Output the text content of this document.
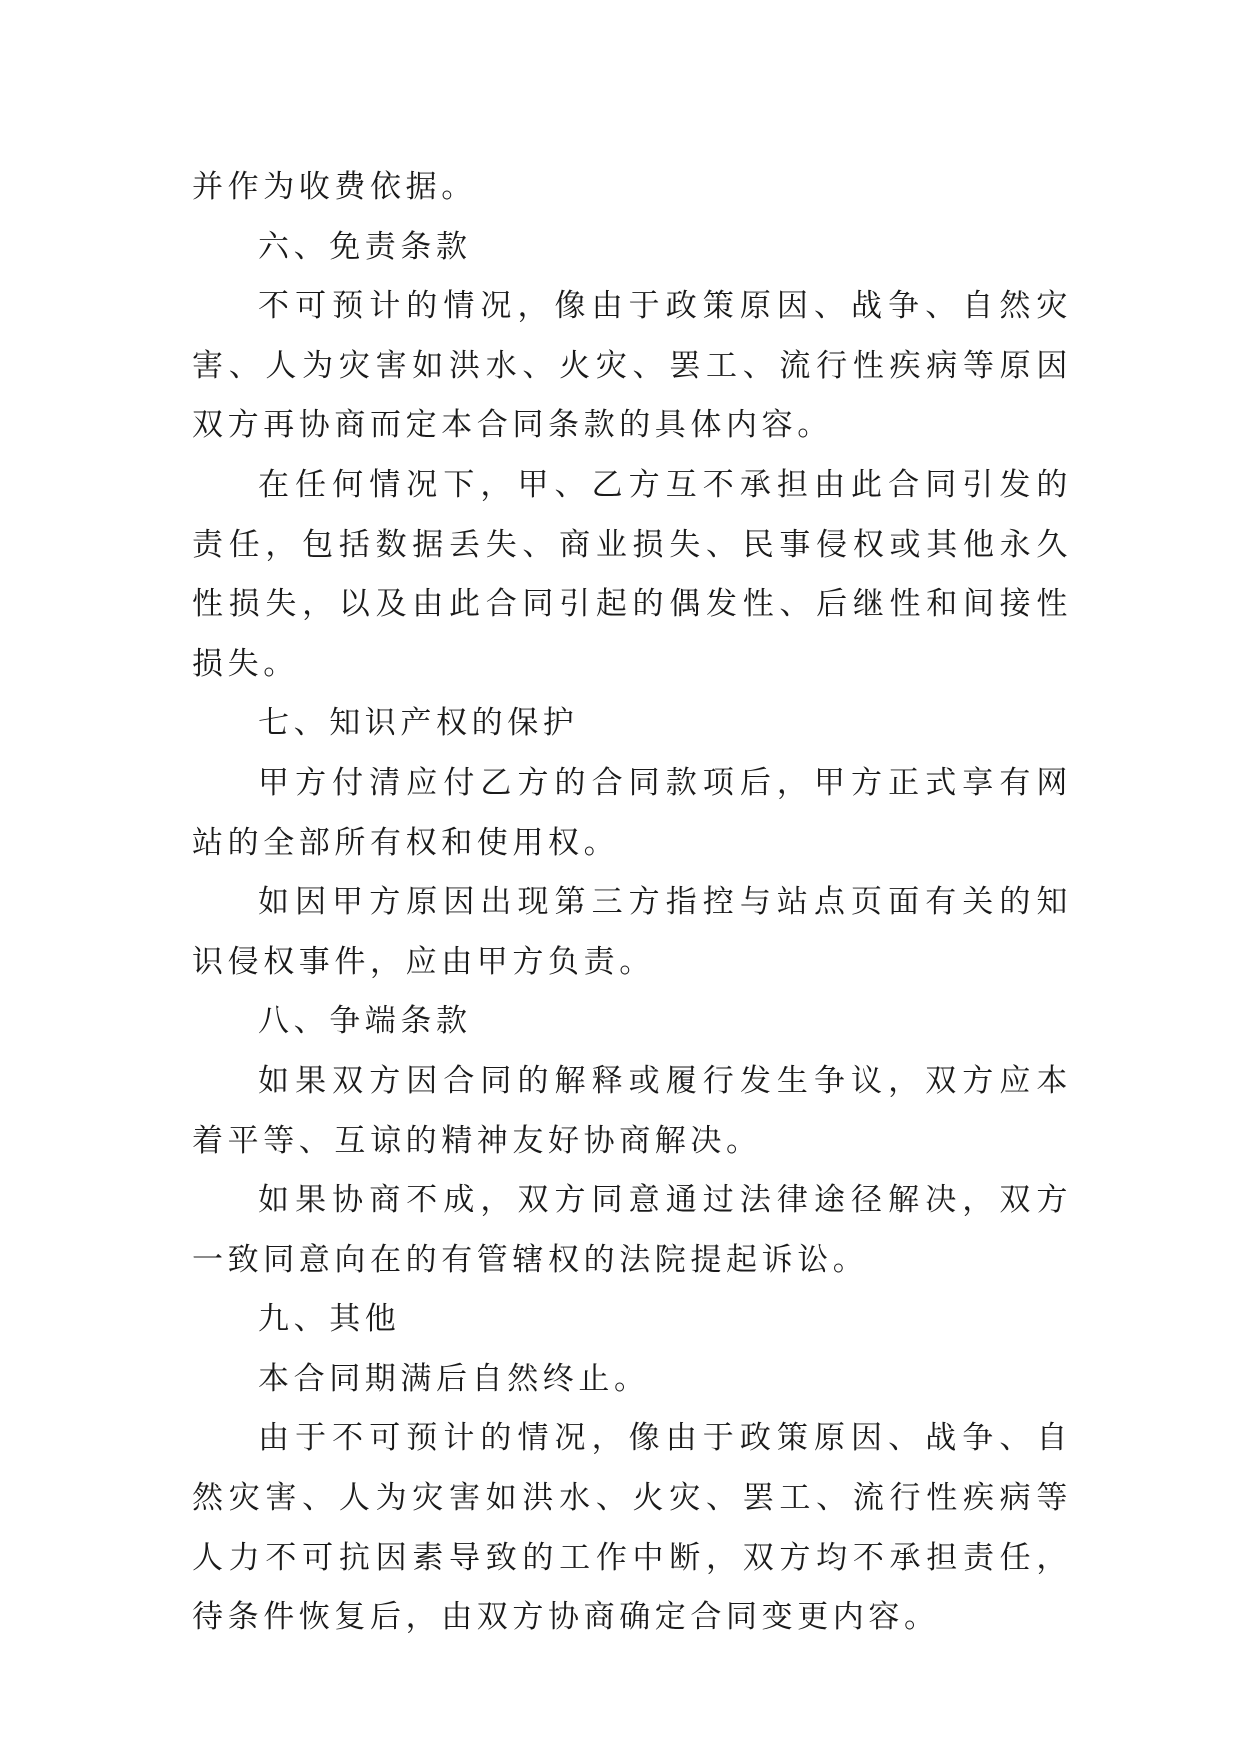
并作为收费依据。

六、免责条款

不可预计的情况，像由于政策原因、战争、自然灾害、人为灾害如洪水、火灾、罢工、流行性疾病等原因双方再协商而定本合同条款的具体内容。

在任何情况下，甲、乙方互不承担由此合同引发的责任，包括数据丢失、商业损失、民事侵权或其他永久性损失，以及由此合同引起的偶发性、后继性和间接性损失。

七、知识产权的保护

甲方付清应付乙方的合同款项后，甲方正式享有网站的全部所有权和使用权。

如因甲方原因出现第三方指控与站点页面有关的知识侵权事件，应由甲方负责。

八、争端条款

如果双方因合同的解释或履行发生争议，双方应本着平等、互谅的精神友好协商解决。

如果协商不成，双方同意通过法律途径解决，双方一致同意向在的有管辖权的法院提起诉讼。

九、其他

本合同期满后自然终止。

由于不可预计的情况，像由于政策原因、战争、自然灾害、人为灾害如洪水、火灾、罢工、流行性疾病等人力不可抗因素导致的工作中断，双方均不承担责任，待条件恢复后，由双方协商确定合同变更内容。
